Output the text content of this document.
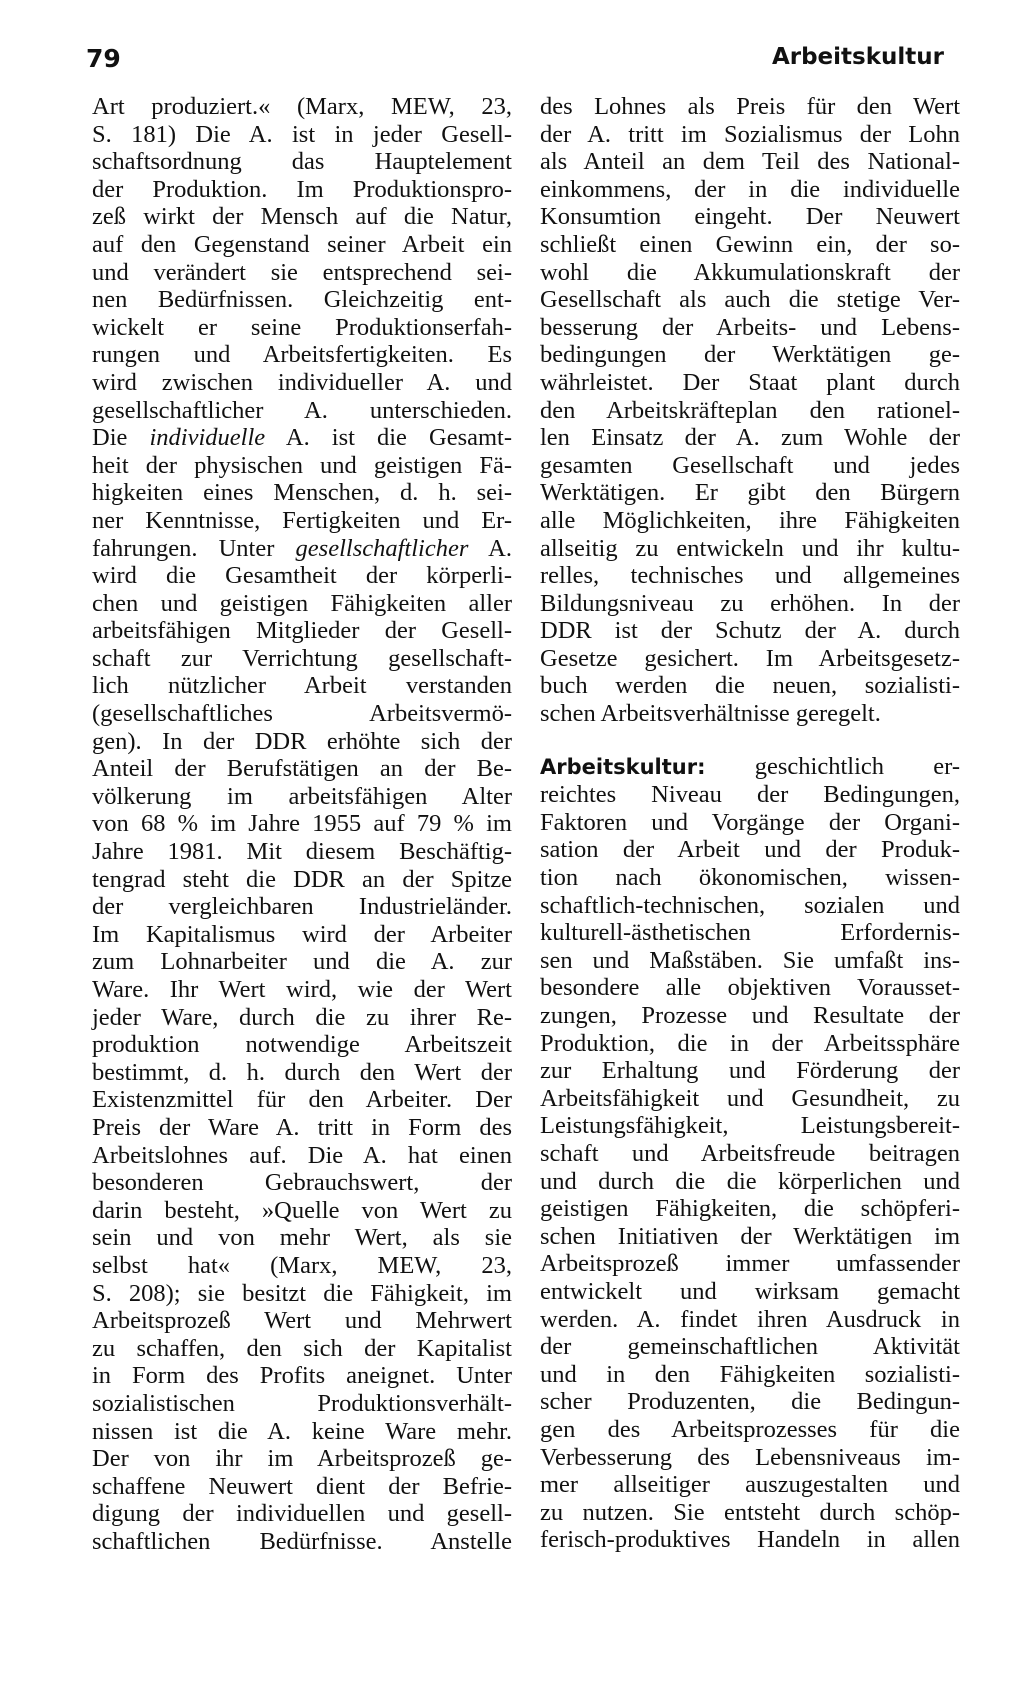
79	Arbeitskultur
Art produziert.« (Marx, MEW, 23,
S. 181) Die A. ist in jeder Gesell-
schaftsordnung das Hauptelement
der Produktion. Im Produktionspro-
zeß wirkt der Mensch auf die Natur,
auf den Gegenstand seiner Arbeit ein
und verändert sie entsprechend sei-
nen Bedürfnissen. Gleichzeitig ent-
wickelt er seine Produktionserfah-
rungen und Arbeitsfertigkeiten. Es
wird zwischen individueller A. und
gesellschaftlicher A. unterschieden.
Die individuelle A. ist die Gesamt-
heit der physischen und geistigen Fä-
higkeiten eines Menschen, d. h. sei-
ner Kenntnisse, Fertigkeiten und Er-
fahrungen. Unter gesellschaftlicher A.
wird die Gesamtheit der körperli-
chen und geistigen Fähigkeiten aller
arbeitsfähigen Mitglieder der Gesell-
schaft zur Verrichtung gesellschaft-
lich nützlicher Arbeit verstanden
(gesellschaftliches Arbeitsvermö-
gen). In der DDR erhöhte sich der
Anteil der Berufstätigen an der Be-
völkerung im arbeitsfähigen Alter
von 68 % im Jahre 1955 auf 79 % im
Jahre 1981. Mit diesem Beschäftig-
tengrad steht die DDR an der Spitze
der vergleichbaren Industrieländer.
Im Kapitalismus wird der Arbeiter
zum Lohnarbeiter und die A. zur
Ware. Ihr Wert wird, wie der Wert
jeder Ware, durch die zu ihrer Re-
produktion notwendige Arbeitszeit
bestimmt, d. h. durch den Wert der
Existenzmittel für den Arbeiter. Der
Preis der Ware A. tritt in Form des
Arbeitslohnes auf. Die A. hat einen
besonderen Gebrauchswert, der
darin besteht, »Quelle von Wert zu
sein und von mehr Wert, als sie
selbst hat« (Marx, MEW, 23,
S. 208); sie besitzt die Fähigkeit, im
Arbeitsprozeß Wert und Mehrwert
zu schaffen, den sich der Kapitalist
in Form des Profits aneignet. Unter
sozialistischen Produktionsverhält-
nissen ist die A. keine Ware mehr.
Der von ihr im Arbeitsprozeß ge-
schaffene Neuwert dient der Befrie-
digung der individuellen und gesell-
schaftlichen Bedürfnisse. Anstelle
des Lohnes als Preis für den Wert
der A. tritt im Sozialismus der Lohn
als Anteil an dem Teil des National-
einkommens, der in die individuelle
Konsumtion eingeht. Der Neuwert
schließt einen Gewinn ein, der so-
wohl die Akkumulationskraft der
Gesellschaft als auch die stetige Ver-
besserung der Arbeits- und Lebens-
bedingungen der Werktätigen ge-
währleistet. Der Staat plant durch
den Arbeitskräfteplan den rationel-
len Einsatz der A. zum Wohle der
gesamten Gesellschaft und jedes
Werktätigen. Er gibt den Bürgern
alle Möglichkeiten, ihre Fähigkeiten
allseitig zu entwickeln und ihr kultu-
relles, technisches und allgemeines
Bildungsniveau zu erhöhen. In der
DDR ist der Schutz der A. durch
Gesetze gesichert. Im Arbeitsgesetz-
buch werden die neuen, sozialisti-
schen Arbeitsverhältnisse geregelt.
Arbeitskultur: geschichtlich er-
reichtes Niveau der Bedingungen,
Faktoren und Vorgänge der Organi-
sation der Arbeit und der Produk-
tion nach ökonomischen, wissen-
schaftlich-technischen, sozialen und
kulturell-ästhetischen Erfordernis-
sen und Maßstäben. Sie umfaßt ins-
besondere alle objektiven Vorausset-
zungen, Prozesse und Resultate der
Produktion, die in der Arbeitssphäre
zur Erhaltung und Förderung der
Arbeitsfähigkeit und Gesundheit, zu
Leistungsfähigkeit, Leistungsbereit-
schaft und Arbeitsfreude beitragen
und durch die die körperlichen und
geistigen Fähigkeiten, die schöpferi-
schen Initiativen der Werktätigen im
Arbeitsprozeß immer umfassender
entwickelt und wirksam gemacht
werden. A. findet ihren Ausdruck in
der gemeinschaftlichen Aktivität
und in den Fähigkeiten sozialisti-
scher Produzenten, die Bedingun-
gen des Arbeitsprozesses für die
Verbesserung des Lebensniveaus im-
mer allseitiger auszugestalten und
zu nutzen. Sie entsteht durch schöp-
ferisch-produktives Handeln in allen
